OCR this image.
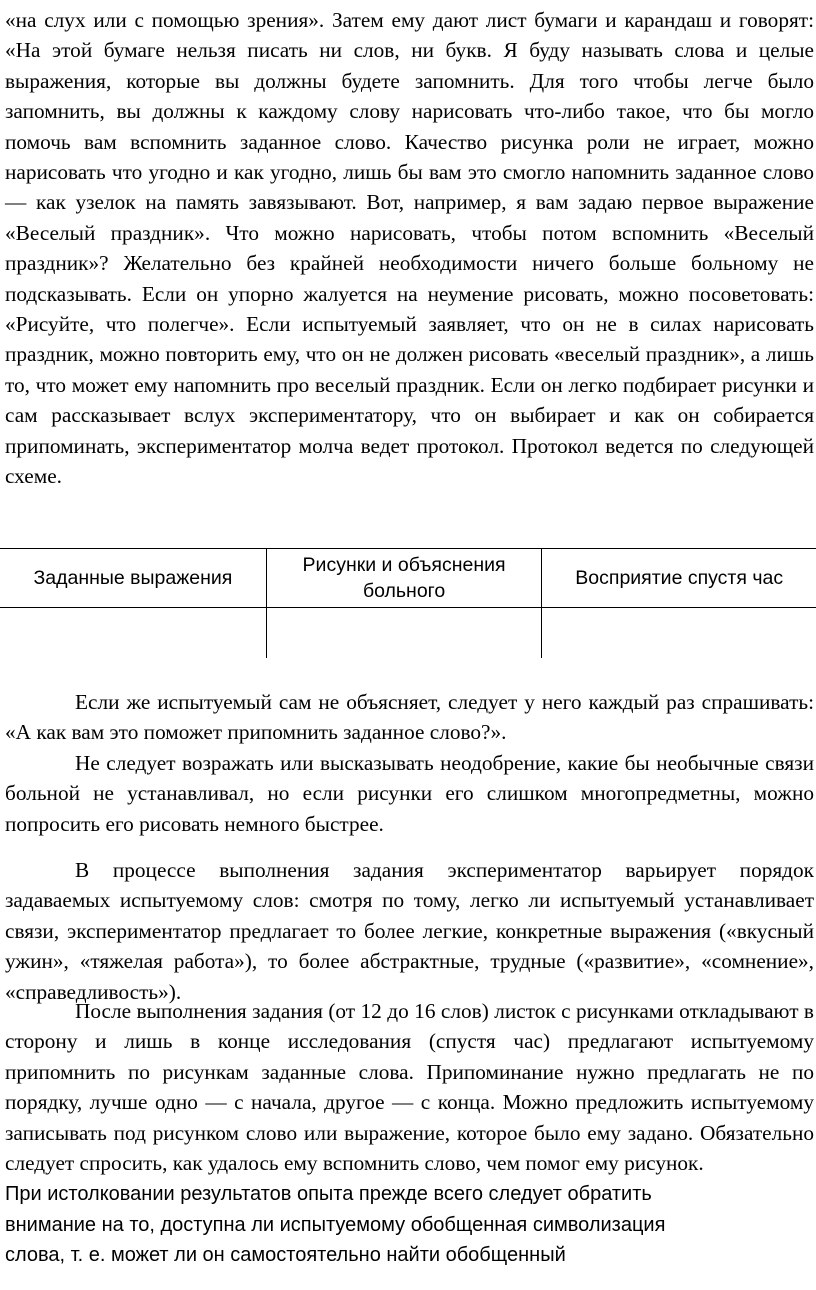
«на слух или с помощью зрения». Затем ему дают лист бумаги и карандаш и говорят: «На этой бумаге нельзя писать ни слов, ни букв. Я буду называть слова и целые выражения, которые вы должны будете запомнить. Для того чтобы легче было запомнить, вы должны к каждому слову нарисовать что-либо такое, что бы могло помочь вам вспомнить заданное слово. Качество рисунка роли не играет, можно нарисовать что угодно и как угодно, лишь бы вам это смогло напомнить заданное слово — как узелок на память завязывают. Вот, например, я вам задаю первое выражение «Веселый праздник». Что можно нарисовать, чтобы потом вспомнить «Веселый праздник»? Желательно без крайней необходимости ничего больше больному не подсказывать. Если он упорно жалуется на неумение рисовать, можно посоветовать: «Рисуйте, что полегче». Если испытуемый заявляет, что он не в силах нарисовать праздник, можно повторить ему, что он не должен рисовать «веселый праздник», а лишь то, что может ему напомнить про веселый праздник. Если он легко подбирает рисунки и сам рассказывает вслух экспериментатору, что он выбирает и как он собирается припоминать, экспериментатор молча ведет протокол. Протокол ведется по следующей схеме.

Заданные выражения	Рисунки и объяснения больного	Восприятие спустя час

Если же испытуемый сам не объясняет, следует у него каждый раз спрашивать: «А как вам это поможет припомнить заданное слово?».

Не следует возражать или высказывать неодобрение, какие бы необычные связи больной не устанавливал, но если рисунки его слишком многопредметны, можно попросить его рисовать немного быстрее.

В процессе выполнения задания экспериментатор варьирует порядок задаваемых испытуемому слов: смотря по тому, легко ли испытуемый устанавливает связи, экспериментатор предлагает то более легкие, конкретные выражения («вкусный ужин», «тяжелая работа»), то более абстрактные, трудные («развитие», «сомнение», «справедливость»).

После выполнения задания (от 12 до 16 слов) листок с рисунками откладывают в сторону и лишь в конце исследования (спустя час) предлагают испытуемому припомнить по рисункам заданные слова. Припоминание нужно предлагать не по порядку, лучше одно — с начала, другое — с конца. Можно предложить испытуемому записывать под рисунком слово или выражение, которое было ему задано. Обязательно следует спросить, как удалось ему вспомнить слово, чем помог ему рисунок.

При истолковании результатов опыта прежде всего следует обратить
внимание на то, доступна ли испытуемому обобщенная символизация
слова, т. е. может ли он самостоятельно найти обобщенный
